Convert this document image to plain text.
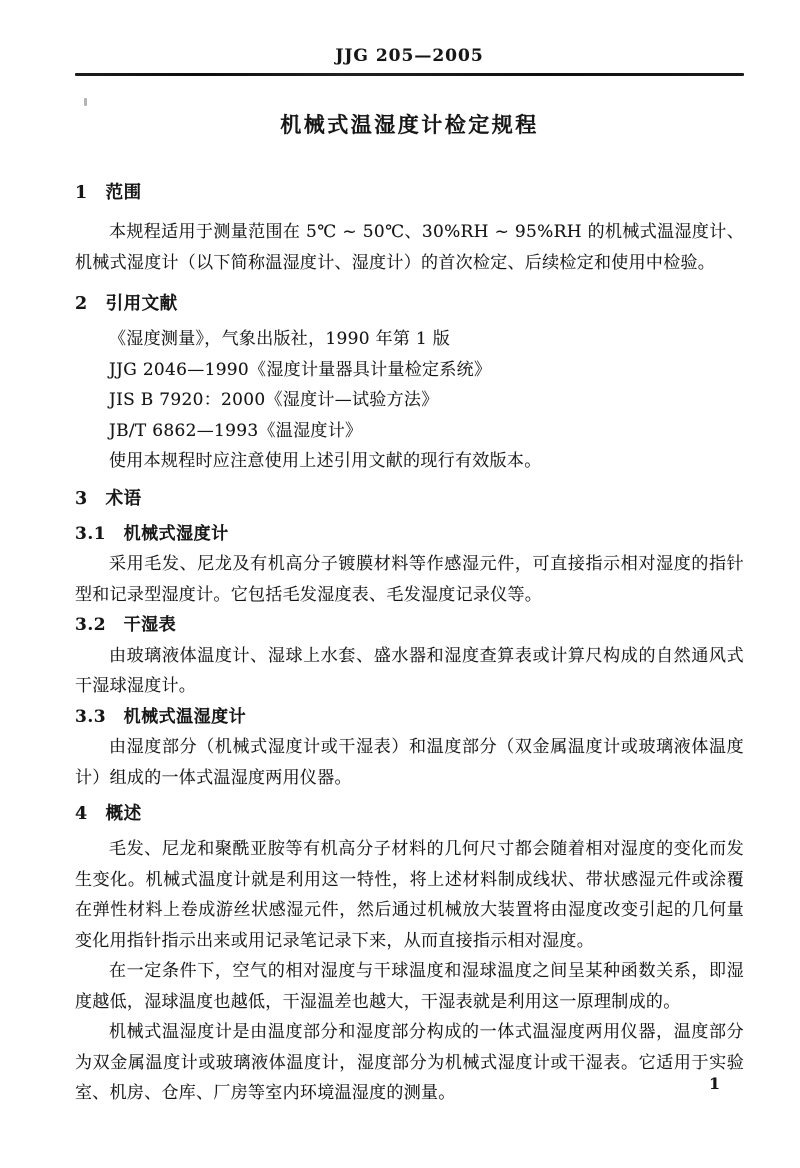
JJG 205—2005
机械式温湿度计检定规程
1　范围

本规程适用于测量范围在 5℃ ~ 50℃、30%RH ~ 95%RH 的机械式温湿度计、机械式湿度计（以下简称温湿度计、湿度计）的首次检定、后续检定和使用中检验。

2　引用文献

《湿度测量》，气象出版社，1990 年第 1 版

JJG 2046—1990《湿度计量器具计量检定系统》

JIS B 7920：2000《湿度计—试验方法》

JB/T 6862—1993《温湿度计》

使用本规程时应注意使用上述引用文献的现行有效版本。

3　术语
3.1　机械式湿度计

采用毛发、尼龙及有机高分子镀膜材料等作感湿元件，可直接指示相对湿度的指针型和记录型湿度计。它包括毛发湿度表、毛发湿度记录仪等。

3.2　干湿表

由玻璃液体温度计、湿球上水套、盛水器和湿度查算表或计算尺构成的自然通风式干湿球湿度计。

3.3　机械式温湿度计

由湿度部分（机械式湿度计或干湿表）和温度部分（双金属温度计或玻璃液体温度计）组成的一体式温湿度两用仪器。

4　概述

毛发、尼龙和聚酰亚胺等有机高分子材料的几何尺寸都会随着相对湿度的变化而发生变化。机械式温度计就是利用这一特性，将上述材料制成线状、带状感湿元件或涂覆在弹性材料上卷成游丝状感湿元件，然后通过机械放大装置将由湿度改变引起的几何量变化用指针指示出来或用记录笔记录下来，从而直接指示相对湿度。

在一定条件下，空气的相对湿度与干球温度和湿球温度之间呈某种函数关系，即湿度越低，湿球温度也越低，干湿温差也越大，干湿表就是利用这一原理制成的。

机械式温湿度计是由温度部分和湿度部分构成的一体式温湿度两用仪器，温度部分为双金属温度计或玻璃液体温度计，湿度部分为机械式湿度计或干湿表。它适用于实验室、机房、仓库、厂房等室内环境温湿度的测量。	1
